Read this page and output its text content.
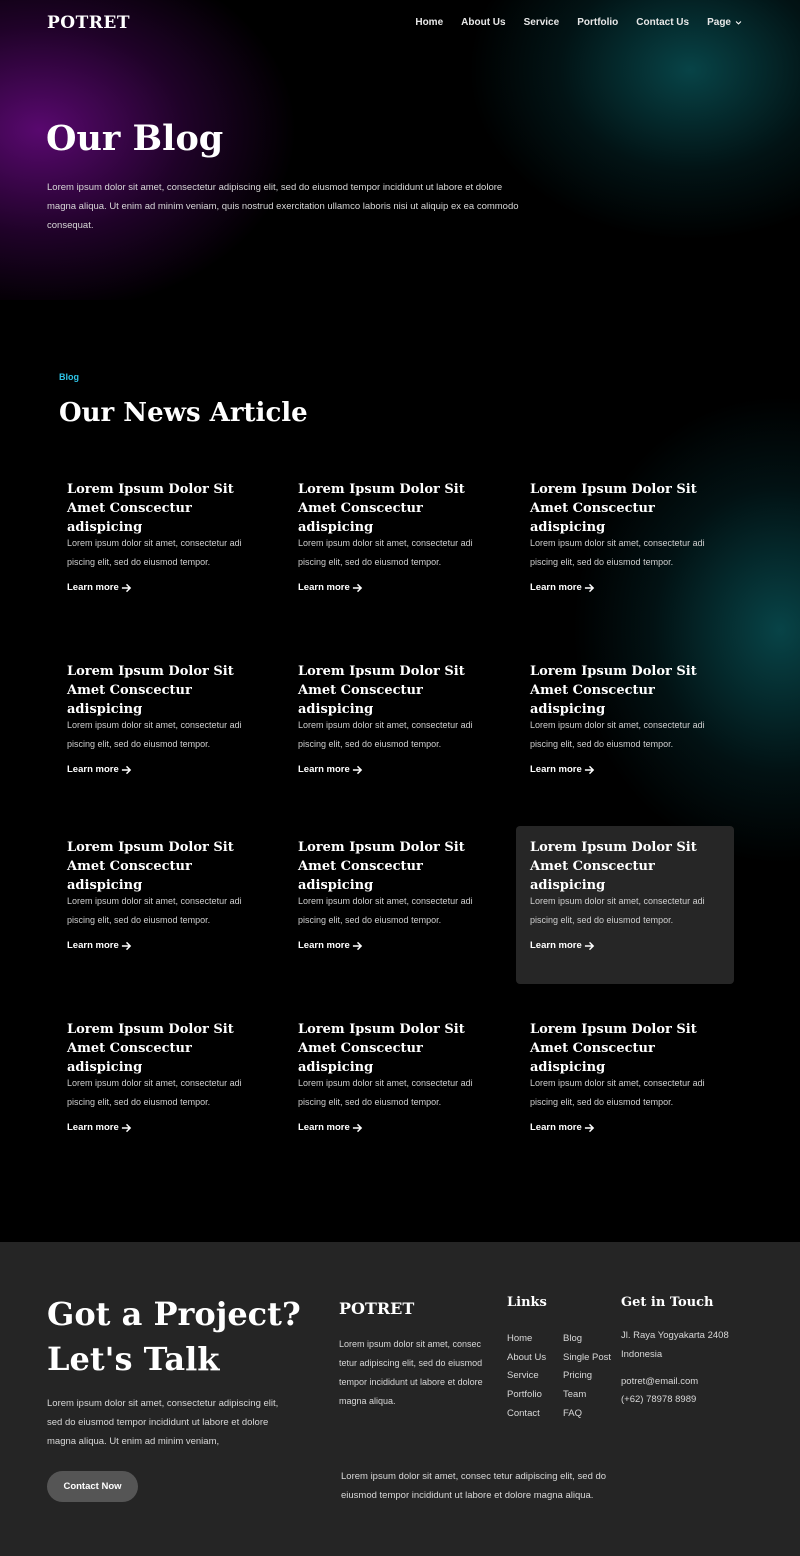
POTRET	Home About Us Service Portfolio Contact Us Page
Our Blog

Lorem ipsum dolor sit amet, consectetur adipiscing elit, sed do eiusmod tempor incididunt ut labore et dolore magna aliqua. Ut enim ad minim veniam, quis nostrud exercitation ullamco laboris nisi ut aliquip ex ea commodo consequat.

Blog
Our News Article
Lorem Ipsum Dolor Sit Amet Conscectur adispicing

Lorem ipsum dolor sit amet, consectetur adi piscing elit, sed do eiusmod tempor.

Learn more
Lorem Ipsum Dolor Sit Amet Conscectur adispicing

Lorem ipsum dolor sit amet, consectetur adi piscing elit, sed do eiusmod tempor.

Learn more
Lorem Ipsum Dolor Sit Amet Conscectur adispicing

Lorem ipsum dolor sit amet, consectetur adi piscing elit, sed do eiusmod tempor.

Learn more
Lorem Ipsum Dolor Sit Amet Conscectur adispicing

Lorem ipsum dolor sit amet, consectetur adi piscing elit, sed do eiusmod tempor.

Learn more
Lorem Ipsum Dolor Sit Amet Conscectur adispicing

Lorem ipsum dolor sit amet, consectetur adi piscing elit, sed do eiusmod tempor.

Learn more
Lorem Ipsum Dolor Sit Amet Conscectur adispicing

Lorem ipsum dolor sit amet, consectetur adi piscing elit, sed do eiusmod tempor.

Learn more
Lorem Ipsum Dolor Sit Amet Conscectur adispicing

Lorem ipsum dolor sit amet, consectetur adi piscing elit, sed do eiusmod tempor.

Learn more
Lorem Ipsum Dolor Sit Amet Conscectur adispicing

Lorem ipsum dolor sit amet, consectetur adi piscing elit, sed do eiusmod tempor.

Learn more
Lorem Ipsum Dolor Sit Amet Conscectur adispicing

Lorem ipsum dolor sit amet, consectetur adi piscing elit, sed do eiusmod tempor.

Learn more
Lorem Ipsum Dolor Sit Amet Conscectur adispicing

Lorem ipsum dolor sit amet, consectetur adi piscing elit, sed do eiusmod tempor.

Learn more
Lorem Ipsum Dolor Sit Amet Conscectur adispicing

Lorem ipsum dolor sit amet, consectetur adi piscing elit, sed do eiusmod tempor.

Learn more
Lorem Ipsum Dolor Sit Amet Conscectur adispicing

Lorem ipsum dolor sit amet, consectetur adi piscing elit, sed do eiusmod tempor.

Learn more
Got a Project?
Let's Talk

Lorem ipsum dolor sit amet, consectetur adipiscing elit, sed do eiusmod tempor incididunt ut labore et dolore magna aliqua. Ut enim ad minim veniam,

Contact Now
POTRET

Lorem ipsum dolor sit amet, consec tetur adipiscing elit, sed do eiusmod tempor incididunt ut labore et dolore magna aliqua.

Links
Home
About Us
Service
Portfolio
Contact
Blog
Single Post
Pricing
Team
FAQ
Get in Touch

Jl. Raya Yogyakarta 2408 Indonesia

potret@email.com

(+62) 78978 8989

Lorem ipsum dolor sit amet, consec tetur adipiscing elit, sed do eiusmod tempor incididunt ut labore et dolore magna aliqua.
